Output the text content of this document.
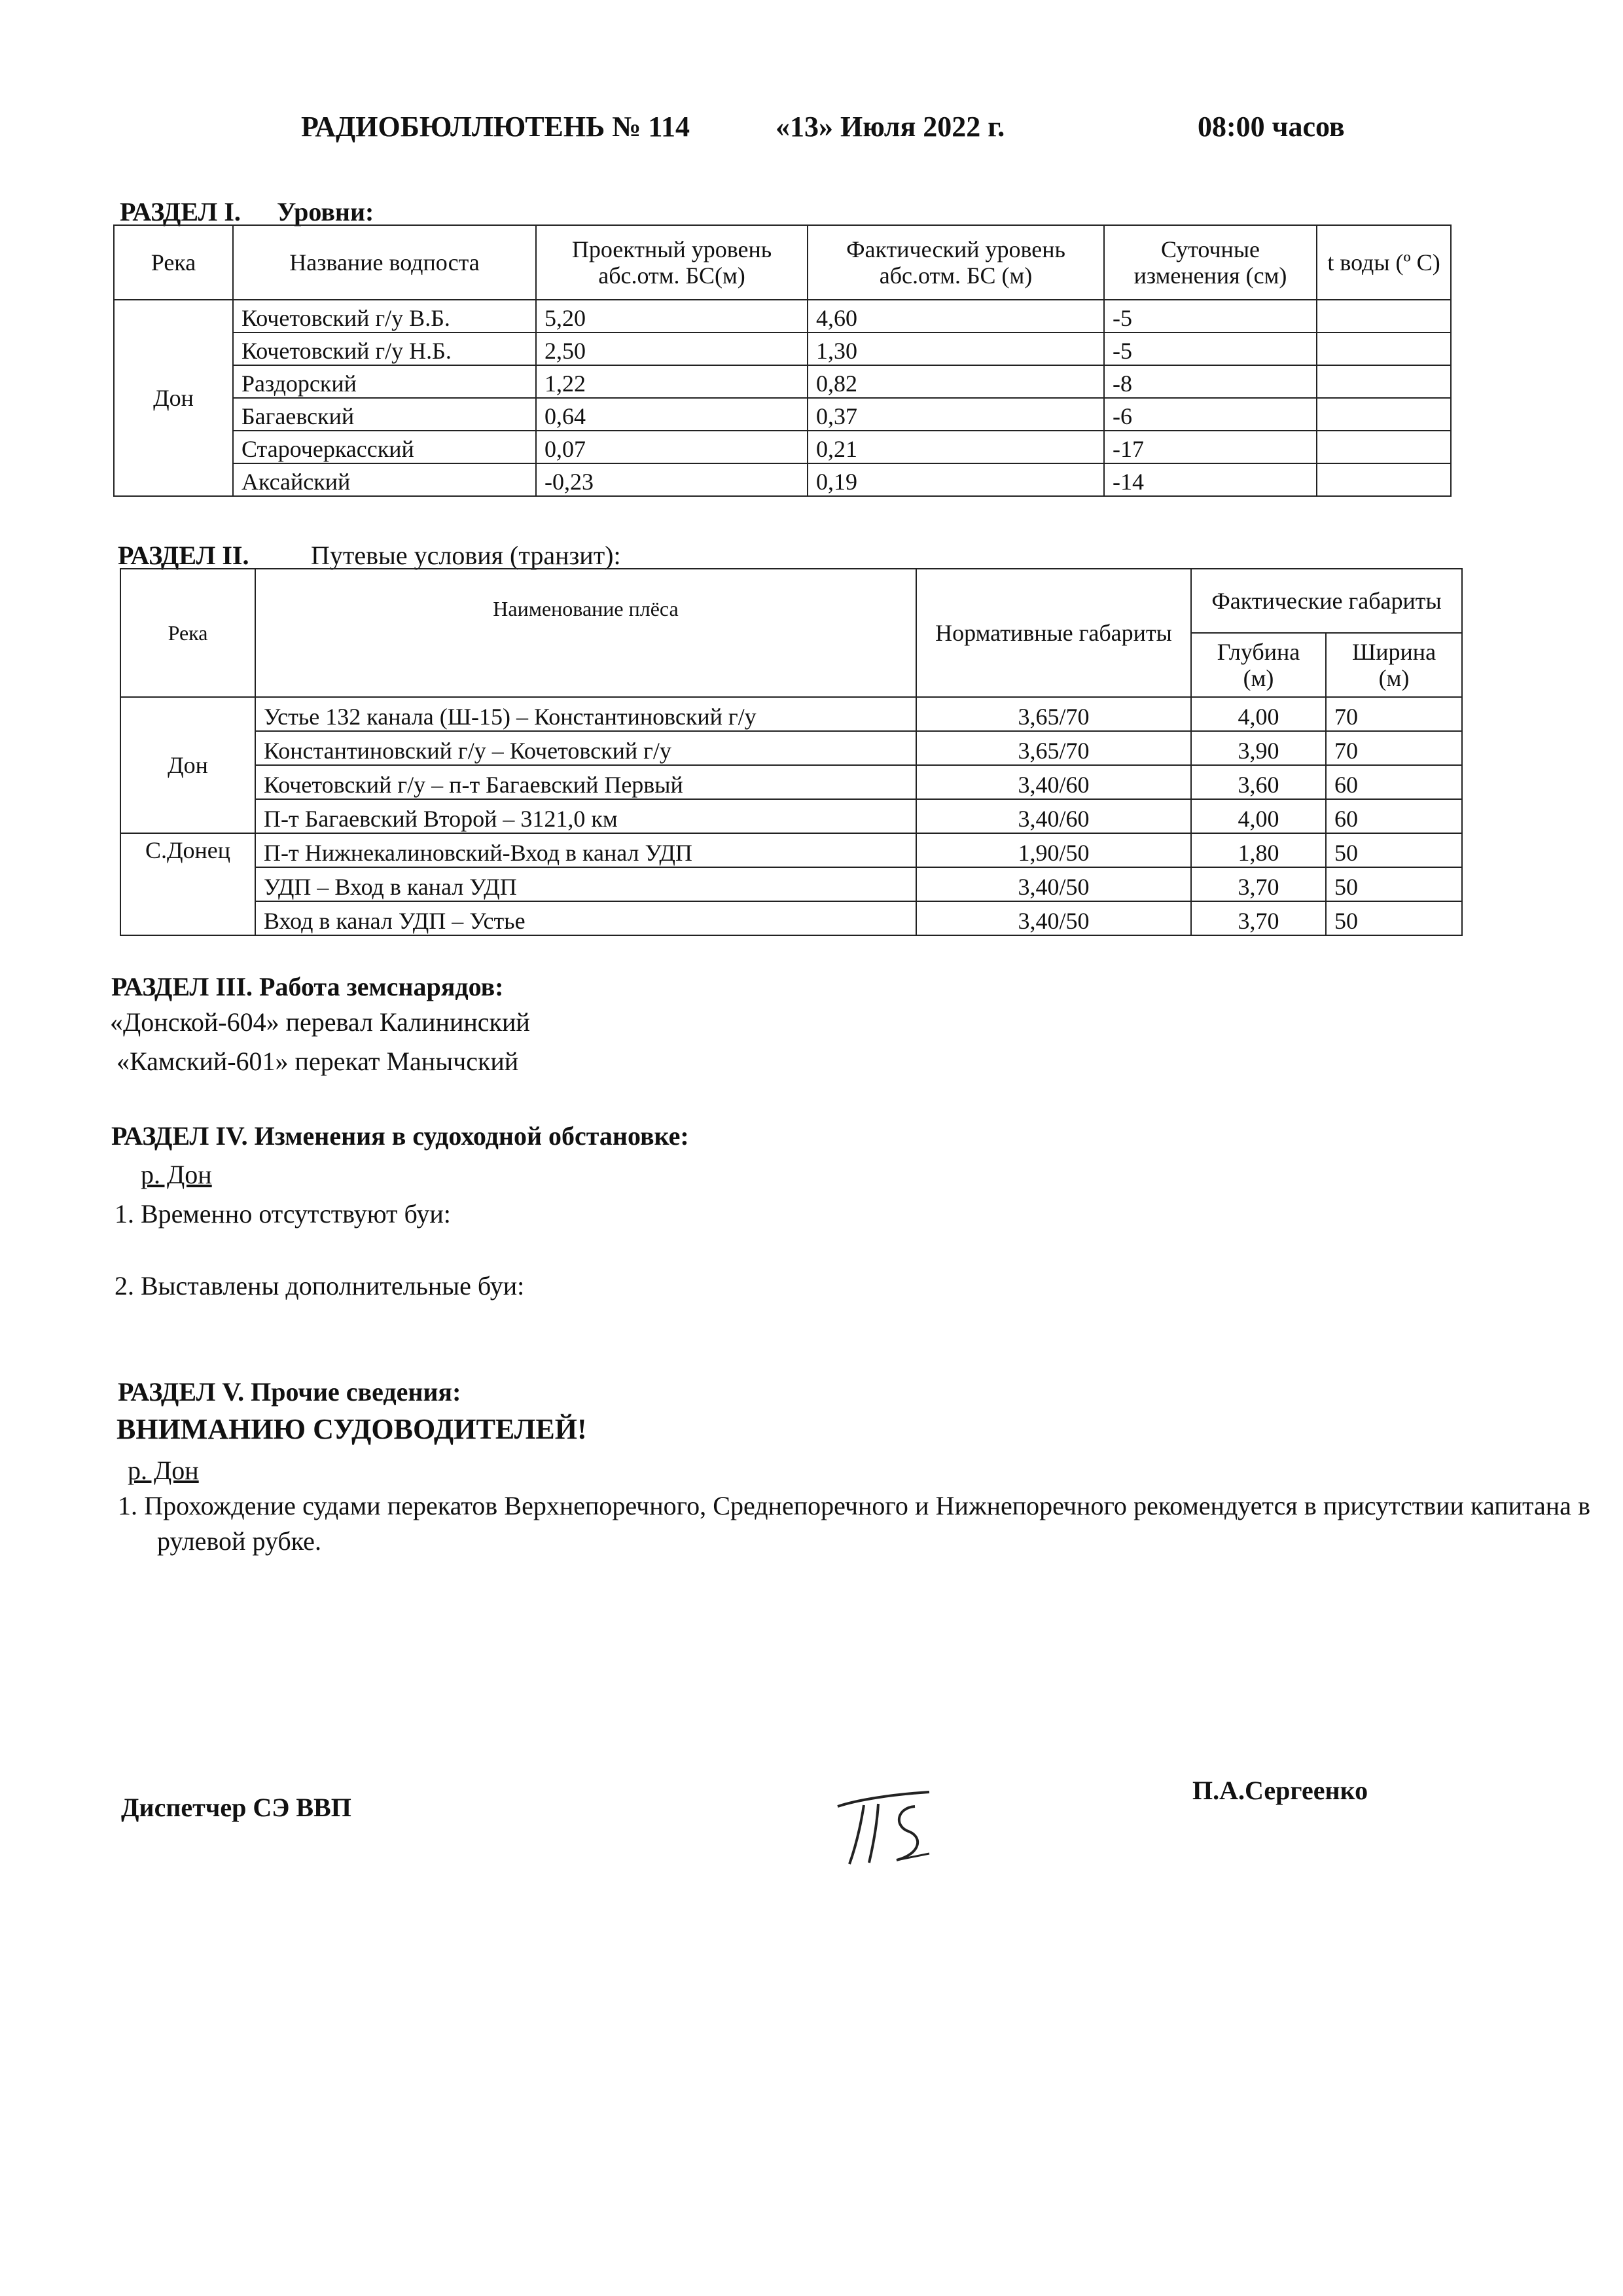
РАДИОБЮЛЛЮТЕНЬ № 114	«13» Июля 2022 г.	08:00 часов
РАЗДЕЛ I. Уровни:
Река	Название водпоста	Проектный уровень абс.отм. БС(м)	Фактический уровень абс.отм. БС (м)	Суточные изменения (см)	t воды (º С)
Дон	Кочетовский г/у В.Б.	5,20	4,60	-5	
	Кочетовский г/у Н.Б.	2,50	1,30	-5	
	Раздорский	1,22	0,82	-8	
	Багаевский	0,64	0,37	-6	
	Старочеркасский	0,07	0,21	-17	
	Аксайский	-0,23	0,19	-14	
РАЗДЕЛ II. Путевые условия (транзит):
Река	Наименование плёса	Нормативные габариты	Фактические габариты	
			Глубина (м)	Ширина (м)
Дон	Устье 132 канала (Ш-15) – Константиновский г/у	3,65/70	4,00	70
	Константиновский г/у – Кочетовский г/у	3,65/70	3,90	70
	Кочетовский г/у – п-т Багаевский Первый	3,40/60	3,60	60
	П-т Багаевский Второй – 3121,0 км	3,40/60	4,00	60
С.Донец	П-т Нижнекалиновский-Вход в канал УДП	1,90/50	1,80	50
	УДП – Вход в канал УДП	3,40/50	3,70	50
	Вход в канал УДП – Устье	3,40/50	3,70	50
РАЗДЕЛ III. Работа земснарядов:
«Донской-604» перевал Калининский
«Камский-601» перекат Манычский
РАЗДЕЛ IV. Изменения в судоходной обстановке:
р. Дон
1. Временно отсутствуют буи:
2. Выставлены дополнительные буи:
РАЗДЕЛ V. Прочие сведения:
ВНИМАНИЮ СУДОВОДИТЕЛЕЙ!
р. Дон
1. Прохождение судами перекатов Верхнепоречного, Среднепоречного и Нижнепоречного рекомендуется в присутствии капитана в рулевой рубке.
Диспетчер СЭ ВВП
П.А.Сергеенко
